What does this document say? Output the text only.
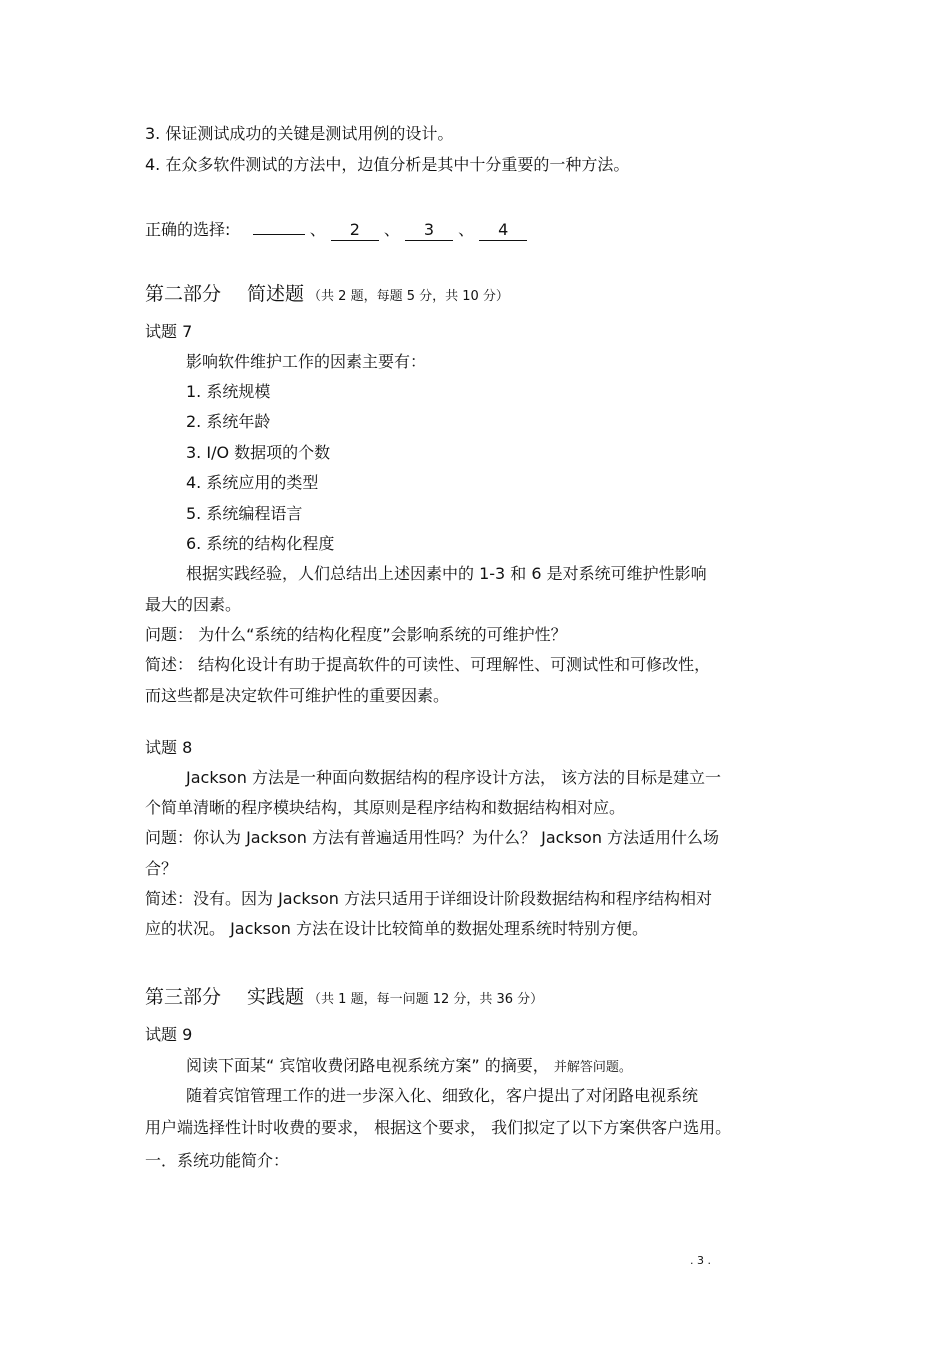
3. 保证测试成功的关键是测试用例的设计。
4. 在众多软件测试的方法中，边值分析是其中十分重要的一种方法。
正确的选择:	、 2 、 3 、 4
第二部分 简述题 （共 2 题，每题 5 分，共 10 分）
试题 7
影响软件维护工作的因素主要有：
1. 系统规模
2. 系统年龄
3. I/O 数据项的个数
4. 系统应用的类型
5. 系统编程语言
6. 系统的结构化程度
根据实践经验，人们总结出上述因素中的 1-3 和 6 是对系统可维护性影响
最大的因素。
问题： 为什么“系统的结构化程度”会影响系统的可维护性？
简述： 结构化设计有助于提高软件的可读性、可理解性、可测试性和可修改性，
而这些都是决定软件可维护性的重要因素。
试题 8
Jackson 方法是一种面向数据结构的程序设计方法， 该方法的目标是建立一
个简单清晰的程序模块结构，其原则是程序结构和数据结构相对应。
问题：你认为 Jackson 方法有普遍适用性吗？为什么？ Jackson 方法适用什么场
合？
简述：没有。因为 Jackson 方法只适用于详细设计阶段数据结构和程序结构相对
应的状况。 Jackson 方法在设计比较简单的数据处理系统时特别方便。
第三部分 实践题 （共 1 题，每一问题 12 分，共 36 分）
试题 9
阅读下面某“ 宾馆收费闭路电视系统方案” 的摘要， 并解答问题。
随着宾馆管理工作的进一步深入化、细致化，客户提出了对闭路电视系统
用户端选择性计时收费的要求， 根据这个要求， 我们拟定了以下方案供客户选用。
一．系统功能简介：
. 3 .
